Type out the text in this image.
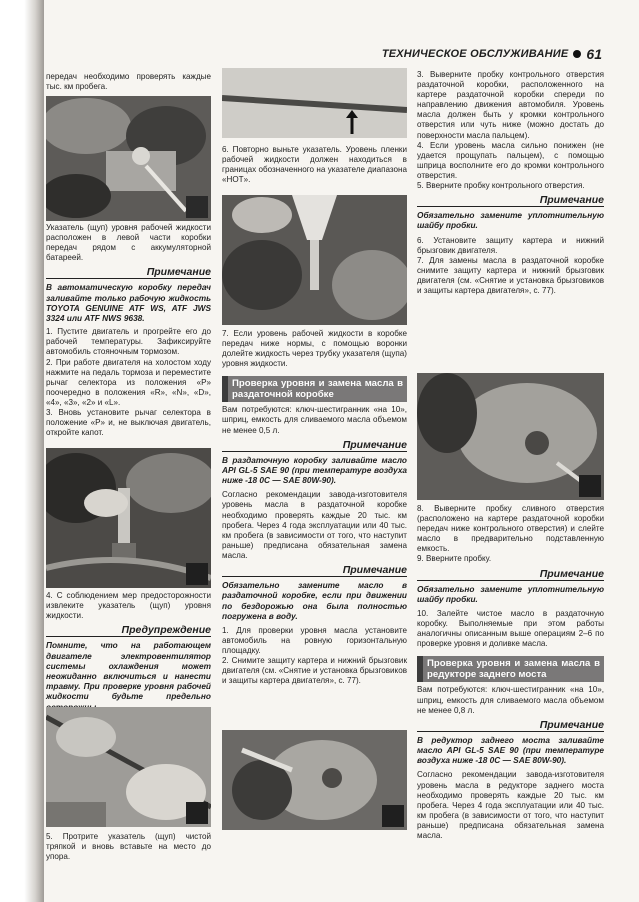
ТЕХНИЧЕСКОЕ ОБСЛУЖИВАНИЕ 61

передач необходимо проверять каждые тыс. км пробега.

Указатель (щуп) уровня рабочей жидкости расположен в левой части коробки передач рядом с аккумуляторной батареей.

Примечание

В автоматическую коробку передач заливайте только рабочую жидкость TOYOTA GENUINE ATF WS, ATF JWS 3324 или ATF NWS 9638.

1. Пустите двигатель и прогрейте его до рабочей температуры. Зафиксируйте автомобиль стояночным тормозом.

2. При работе двигателя на холостом ходу нажмите на педаль тормоза и переместите рычаг селектора из положения «P» поочередно в положения «R», «N», «D», «4», «3», «2» и «L».

3. Вновь установите рычаг селектора в положение «P» и, не выключая двигатель, откройте капот.

4. С соблюдением мер предосторожности извлеките указатель (щуп) уровня жидкости.

Предупреждение

Помните, что на работающем двигателе электровентилятор системы охлаждения может неожиданно включиться и нанести травму. При проверке уровня рабочей жидкости будьте предельно

5. Протрите указатель (щуп) чистой тряпкой и вновь вставьте на место до упора.

6. Повторно выньте указатель. Уровень пленки рабочей жидкости должен находиться в границах обозначенного на указателе диапазона «HOT».

7. Если уровень рабочей жидкости в коробке передач ниже нормы, с помощью воронки долейте жидкость через трубку указателя (щупа) уровня жидкости.

Проверка уровня и замена масла в раздаточной коробке

Вам потребуются: ключ-шестигранник «на 10», шприц, емкость для сливаемого масла объемом не менее 0,5 л.

Примечание

В раздаточную коробку заливайте масло API GL-5 SAE 90 (при температуре воздуха ниже -18 0С — SAE 80W-90).

Согласно рекомендации завода-изготовителя уровень масла в раздаточной коробке необходимо проверять каждые 20 тыс. км пробега. Через 4 года эксплуатации или 40 тыс. км пробега (в зависимости от того, что наступит раньше) предписана обязательная замена масла.

Примечание

Обязательно замените масло в раздаточной коробке, если при движении по бездорожью она была полностью погружена в воду.

1. Для проверки уровня масла установите автомобиль на ровную горизонтальную площадку.

2. Снимите защиту картера и нижний брызговик двигателя (см. «Снятие и установка брызговиков и защиты картера двигателя», с. 77).

3. Выверните пробку контрольного отверстия раздаточной коробки, расположенного на картере раздаточной коробки спереди по направлению движения автомобиля. Уровень масла должен быть у кромки контрольного отверстия или чуть ниже (можно достать до поверхности масла пальцем).

4. Если уровень масла сильно понижен (не удается прощупать пальцем), с помощью шприца восполните его до кромки контрольного отверстия.

5. Вверните пробку контрольного отверстия.

Примечание

Обязательно замените уплотнительную шайбу пробки.

6. Установите защиту картера и нижний брызговик двигателя.

7. Для замены масла в раздаточной коробке снимите защиту картера и нижний брызговик двигателя (см. «Снятие и установка брызговиков и защиты картера двигателя», с. 77).

8. Выверните пробку сливного отверстия (расположено на картере раздаточной коробки передач ниже контрольного отверстия) и слейте масло в предварительно подставленную емкость.

9. Вверните пробку.

Примечание

Обязательно замените уплотнительную шайбу пробки.

10. Залейте чистое масло в раздаточную коробку. Выполняемые при этом работы аналогичны описанным выше операциям 2–6 по проверке уровня и доливке масла.

Проверка уровня и замена масла в редукторе заднего моста

Вам потребуются: ключ-шестигранник «на 10», шприц, емкость для сливаемого масла объемом не менее 0,8 л.

Примечание

В редуктор заднего моста заливайте масло API GL-5 SAE 90 (при температуре воздуха ниже -18 0С — SAE 80W-90).

Согласно рекомендации завода-изготовителя уровень масла в редукторе заднего моста необходимо проверять каждые 20 тыс. км пробега. Через 4 года эксплуатации или 40 тыс. км пробега (в зависимости от того, что наступит раньше) предписана обязательная замена масла.
